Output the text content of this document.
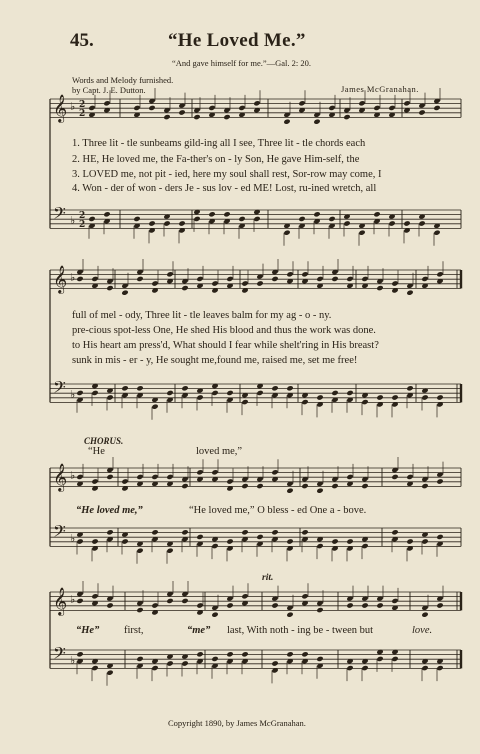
45.	“He Loved Me.”
“And gave himself for me.”—Gal. 2: 20.
Words and Melody furnished.
by Capt. J. E. Dutton.	James McGranahan.
𝄞 ♭
𝄢 ♭
2
2
2
2
𝄞 ♭
𝄢 ♭
𝄞 ♭
𝄢 ♭
𝄞 ♭
𝄢 ♭
1. Three lit - tle sunbeams gild-ing all I see, Three lit - tle chords each
2. HE, He loved me, the Fa-ther's on - ly Son, He gave Him-self, the
3. LOVED me, not pit - ied, here my soul shall rest, Sor-row may come, I
4. Won - der of won - ders Je - sus lov - ed ME! Lost, ru-ined wretch, all
full of mel - ody, Three lit - tle leaves balm for my ag - o - ny.
pre-cious spot-less One, He shed His blood and thus the work was done.
to His heart am press'd, What should I fear while shelt'ring in His breast?
sunk in mis - er - y, He sought me,found me, raised me, set me free!
CHORUS.
“He	loved me,”
“He loved me,”	“He loved me,” O bless - ed One a - bove.
rit.
“He” first,	“me” last, With noth - ing be - tween but	love.
Copyright 1890, by James McGranahan.
